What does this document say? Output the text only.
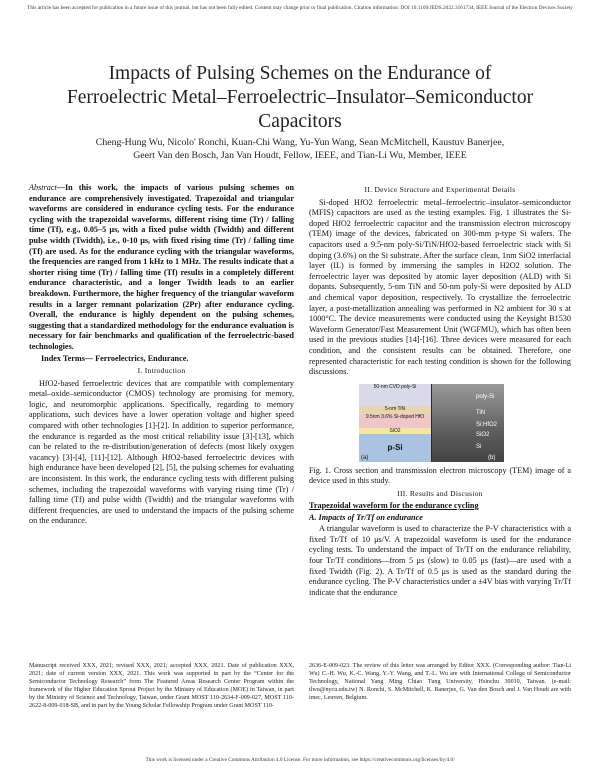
This article has been accepted for publication in a future issue of this journal, but has not been fully edited. Content may change prior to final publication. Citation information: DOI 10.1109/JEDS.2022.3161734, IEEE Journal of the Electron Devices Society
Impacts of Pulsing Schemes on the Endurance of Ferroelectric Metal–Ferroelectric–Insulator–Semiconductor Capacitors
Cheng-Hung Wu, Nicolo' Ronchi, Kuan-Chi Wang, Yu-Yun Wang, Sean McMitchell, Kaustuv Banerjee, Geert Van den Bosch, Jan Van Houdt, Fellow, IEEE, and Tian-Li Wu, Member, IEEE
Abstract—In this work, the impacts of various pulsing schemes on endurance are comprehensively investigated. Trapezoidal and triangular waveforms are considered in endurance cycling tests. For the endurance cycling with the trapezoidal waveforms, different rising time (Tr) / falling time (Tf), e.g., 0.05–5 μs, with a fixed pulse width (Twidth) and different pulse width (Twidth), i.e., 0-10 μs, with fixed rising time (Tr) / falling time (Tf) are used. As for the endurance cycling with the triangular waveforms, the frequencies are ranged from 1 kHz to 1 MHz. The results indicate that a shorter rising time (Tr) / falling time (Tf) results in a completely different endurance characteristic, and a longer Twidth leads to an earlier breakdown. Furthermore, the higher frequency of the triangular waveform results in a larger remnant polarization (2Pr) after endurance cycling. Overall, the endurance is highly dependent on the pulsing schemes, suggesting that a standardized methodology for the endurance evaluation is necessary for fair benchmarks and qualification of the ferroelectric-based technologies.
Index Terms— Ferroelectrics, Endurance.
I. Introduction

HfO2-based ferroelectric devices that are compatible with complementary metal–oxide–semiconductor (CMOS) technology are promising for memory, logic, and neuromorphic applications. Specifically, regarding to memory applications, such devices have a lower operation voltage and higher speed compared with other technologies [1]-[2]. In addition to superior performance, the endurance is regarded as the most critical reliability issue [3]-[13], which can be related to the re-distribution/generation of defects (most likely oxygen vacancy) [3]-[4], [11]-[12]. Although HfO2-based ferroelectric devices with high endurance have been developed [2], [5], the pulsing schemes for evaluating are inconsistent. In this work, the endurance cycling tests with different pulsing schemes, including the trapezoidal waveforms with varying rising time (Tr) / falling time (Tf) and pulse width (Twidth) and the triangular waveforms with different frequencies, are used to understand the impacts of the pulsing scheme on the endurance.

II. Device Structure and Experimental Details

Si-doped HfO2 ferroelectric metal–ferroelectric–insulator–semiconductor (MFIS) capacitors are used as the testing examples. Fig. 1 illustrates the Si-doped HfO2 ferroelectric capacitor and the transmission electron microscopy (TEM) image of the devices, fabricated on 300-mm p-type Si wafers. The capacitors used a 9.5-nm poly-Si/TiN/HfO2-based ferroelectric stack with Si doping (3.6%) on the Si substrate. After the surface clean, 1nm SiO2 interfacial layer (IL) is formed by immersing the samples in H2O2 solution. The ferroelectric layer was deposited by atomic layer deposition (ALD) with Si dopants. Subsequently, 5-nm TiN and 50-nm poly-Si were deposited by ALD and chemical vapor deposition, respectively. To crystallize the ferroelectric layer, a post-metallization annealing was performed in N2 ambient for 30 s at 1000°C. The device measurements were conducted using the Keysight B1530 Waveform Generator/Fast Measurement Unit (WGFMU), which has often been used in the previous studies [14]-[16]. Three devices were measured for each condition, and the consistent results can be obtained. Therefore, one represented characteristic for each testing condition is shown for the following discussions.

50-nm CVD poly-Si
5-nm TiN
9.5nm 3.6% Si-doped HfO
SiO2
p-Si
(a)
poly-Si
TiN
Si:HfO2
SiO2
Si
(b)
Fig. 1. Cross section and transmission electron microscopy (TEM) image of a device used in this study.
III. Results and Discusion
Trapezoidal waveform for the endurance cycling
A. Impacts of Tr/Tf on endurance

A triangular waveform is used to characterize the P-V characteristics with a fixed Tr/Tf of 10 μs/V. A trapezoidal waveform is used for the endurance cycling tests. To understand the impact of Tr/Tf on the endurance reliability, four Tr/Tf conditions—from 5 μs (slow) to 0.05 μs (fast)—are used with a fixed Twidth (Fig. 2). A Tr/Tf of 0.5 μs is used as the standard during the endurance cycling. The P-V characteristics under a ±4V bias with varying Tr/Tf indicate that the endurance

Manuscript received XXX, 2021; revised XXX, 2021; accepted XXX, 2021. Date of publication XXX, 2021; date of current version XXX, 2021. This work was supported in part by the “Center for the Semiconductor Technology Research” from The Featured Areas Research Center Program within the framework of the Higher Education Sprout Project by the Ministry of Education (MOE) in Taiwan, in part by the Ministry of Science and Technology, Taiwan, under Grant MOST 110-2634-F-009-027, MOST 110-2622-8-009-018-SB, and in part by the Young Scholar Fellowship Program under Grant MOST 110-
2636-E-009-023. The review of this letter was arranged by Editor XXX. (Corresponding author: Tian-Li Wu) C.-H. Wu, K.-C. Wang, Y.-Y. Wang, and T.-L. Wu are with International College of Semiconductor Technology, National Yang Ming Chiao Tung University, Hsinchu 30010, Taiwan. (e-mail: tlwu@nycu.edu.tw) N. Ronchi, S. McMitchell, K. Banerjee, G. Van den Bosch and J. Van Houdt are with imec, Leuven, Belgium.
This work is licensed under a Creative Commons Attribution 4.0 License. For more information, see https://creativecommons.org/licenses/by/4.0/
